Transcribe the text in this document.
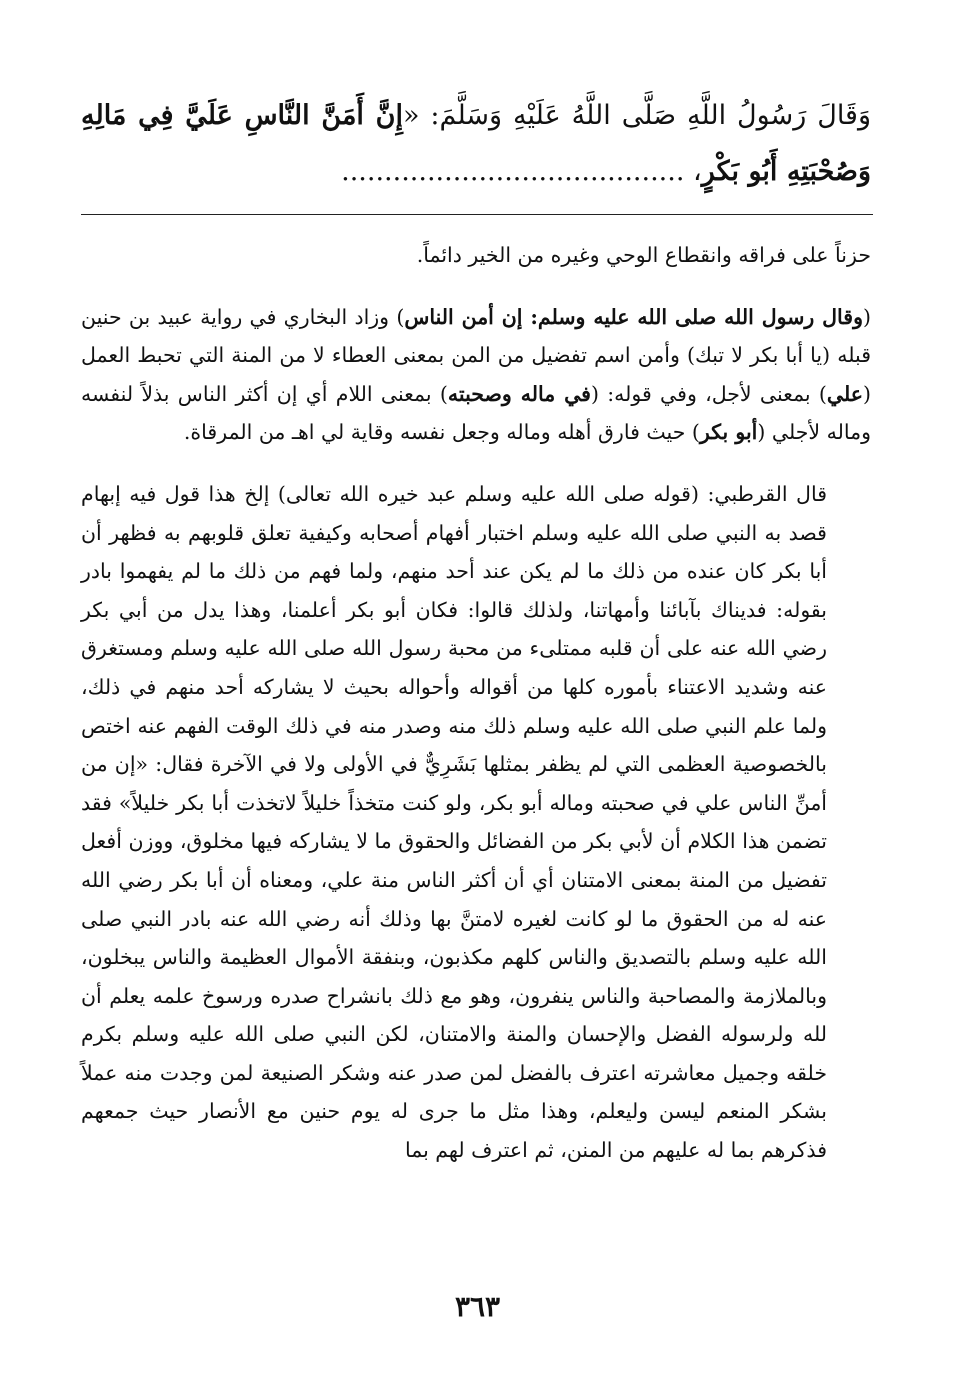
وَقَالَ رَسُولُ اللَّهِ صَلَّى اللَّهُ عَلَيْهِ وَسَلَّمَ: «إِنَّ أَمَنَّ النَّاسِ عَلَيَّ فِي مَالِهِ وَصُحْبَتِهِ أَبُو بَكْرٍ، ........................................

حزناً على فراقه وانقطاع الوحي وغيره من الخير دائماً.

(وقال رسول الله صلى الله عليه وسلم: إن أمن الناس) وزاد البخاري في رواية عبيد بن حنين قبله (يا أبا بكر لا تبك) وأمن اسم تفضيل من المن بمعنى العطاء لا من المنة التي تحبط العمل (علي) بمعنى لأجل، وفي قوله: (في ماله وصحبته) بمعنى اللام أي إن أكثر الناس بذلاً لنفسه وماله لأجلي (أبو بكر) حيث فارق أهله وماله وجعل نفسه وقاية لي اهـ من المرقاة.

قال القرطبي: (قوله صلى الله عليه وسلم عبد خيره الله تعالى) إلخ هذا قول فيه إبهام قصد به النبي صلى الله عليه وسلم اختبار أفهام أصحابه وكيفية تعلق قلوبهم به فظهر أن أبا بكر كان عنده من ذلك ما لم يكن عند أحد منهم، ولما فهم من ذلك ما لم يفهموا بادر بقوله: فديناك بآبائنا وأمهاتنا، ولذلك قالوا: فكان أبو بكر أعلمنا، وهذا يدل من أبي بكر رضي الله عنه على أن قلبه ممتلىء من محبة رسول الله صلى الله عليه وسلم ومستغرق عنه وشديد الاعتناء بأموره كلها من أقواله وأحواله بحيث لا يشاركه أحد منهم في ذلك، ولما علم النبي صلى الله عليه وسلم ذلك منه وصدر منه في ذلك الوقت الفهم عنه اختص بالخصوصية العظمى التي لم يظفر بمثلها بَشَرِيٌّ في الأولى ولا في الآخرة فقال: «إن من أمنِّ الناس علي في صحبته وماله أبو بكر، ولو كنت متخذاً خليلاً لاتخذت أبا بكر خليلاً» فقد تضمن هذا الكلام أن لأبي بكر من الفضائل والحقوق ما لا يشاركه فيها مخلوق، ووزن أفعل تفضيل من المنة بمعنى الامتنان أي أن أكثر الناس منة علي، ومعناه أن أبا بكر رضي الله عنه له من الحقوق ما لو كانت لغيره لامتنَّ بها وذلك أنه رضي الله عنه بادر النبي صلى الله عليه وسلم بالتصديق والناس كلهم مكذبون، وبنفقة الأموال العظيمة والناس يبخلون، وبالملازمة والمصاحبة والناس ينفرون، وهو مع ذلك بانشراح صدره ورسوخ علمه يعلم أن لله ولرسوله الفضل والإحسان والمنة والامتنان، لكن النبي صلى الله عليه وسلم بكرم خلقه وجميل معاشرته اعترف بالفضل لمن صدر عنه وشكر الصنيعة لمن وجدت منه عملاً بشكر المنعم ليسن وليعلم، وهذا مثل ما جرى له يوم حنين مع الأنصار حيث جمعهم فذكرهم بما له عليهم من المنن، ثم اعترف لهم بما

٣٦٣
